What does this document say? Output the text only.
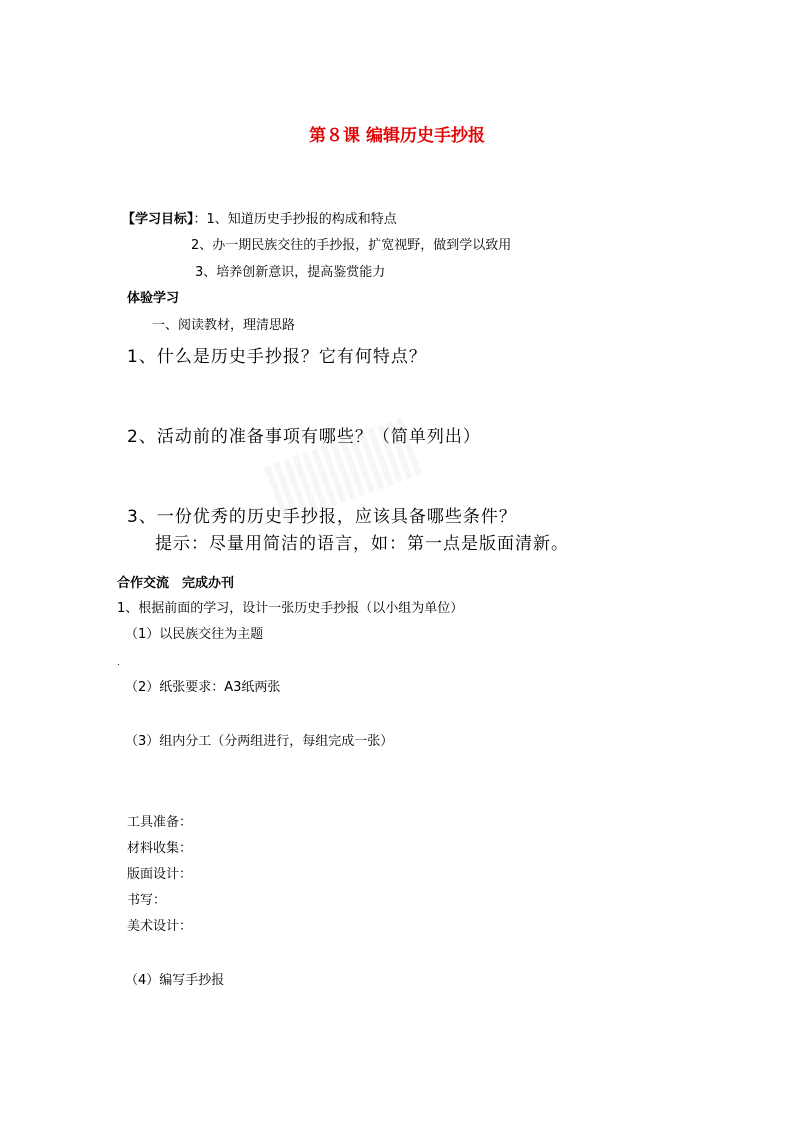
第８课 编辑历史手抄报
【学习目标】：1、知道历史手抄报的构成和特点
2、办一期民族交往的手抄报，扩宽视野，做到学以致用
3、培养创新意识，提高鉴赏能力
体验学习
一、阅读教材，理清思路
1、什么是历史手抄报？它有何特点？
2、活动前的准备事项有哪些？（简单列出）
3、一份优秀的历史手抄报，应该具备哪些条件？
提示：尽量用简洁的语言，如：第一点是版面清新。
合作交流　完成办刊
1、根据前面的学习，设计一张历史手抄报（以小组为单位）
（1）以民族交往为主题
.
（2）纸张要求：A3纸两张
（3）组内分工（分两组进行，每组完成一张）
工具准备：
材料收集：
版面设计：
书写：
美术设计：
（4）编写手抄报
